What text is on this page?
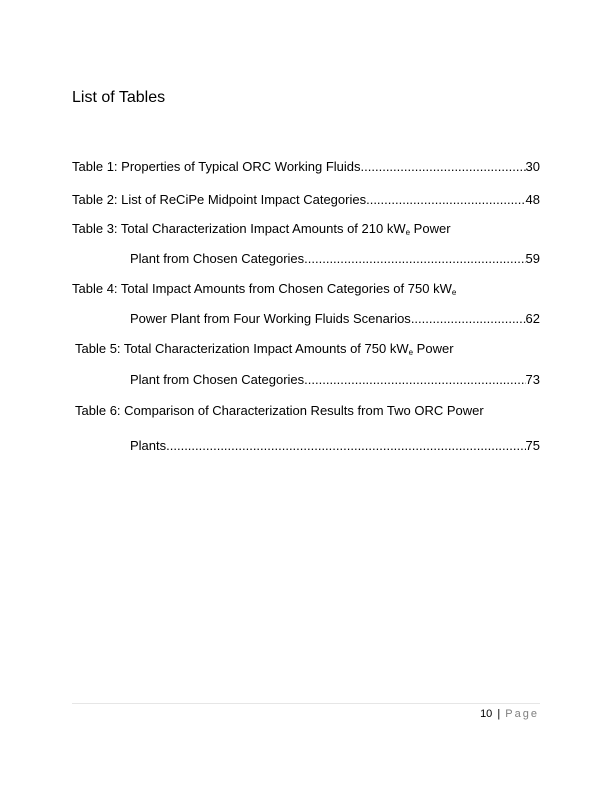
List of Tables
Table 1: Properties of Typical ORC Working Fluids .....	30
Table 2: List of ReCiPe Midpoint Impact Categories .....	48
Table 3: Total Characterization Impact Amounts of 210 $kW_e$ Power
Plant from Chosen Categories .....	59
Table 4: Total Impact Amounts from Chosen Categories of 750 $kW_e$
Power Plant from Four Working Fluids Scenarios .....	62
Table 5: Total Characterization Impact Amounts of 750 $kW_e$ Power
Plant from Chosen Categories .....	73
Table 6: Comparison of Characterization Results from Two ORC Power
Plants .....	75
10 | Page
